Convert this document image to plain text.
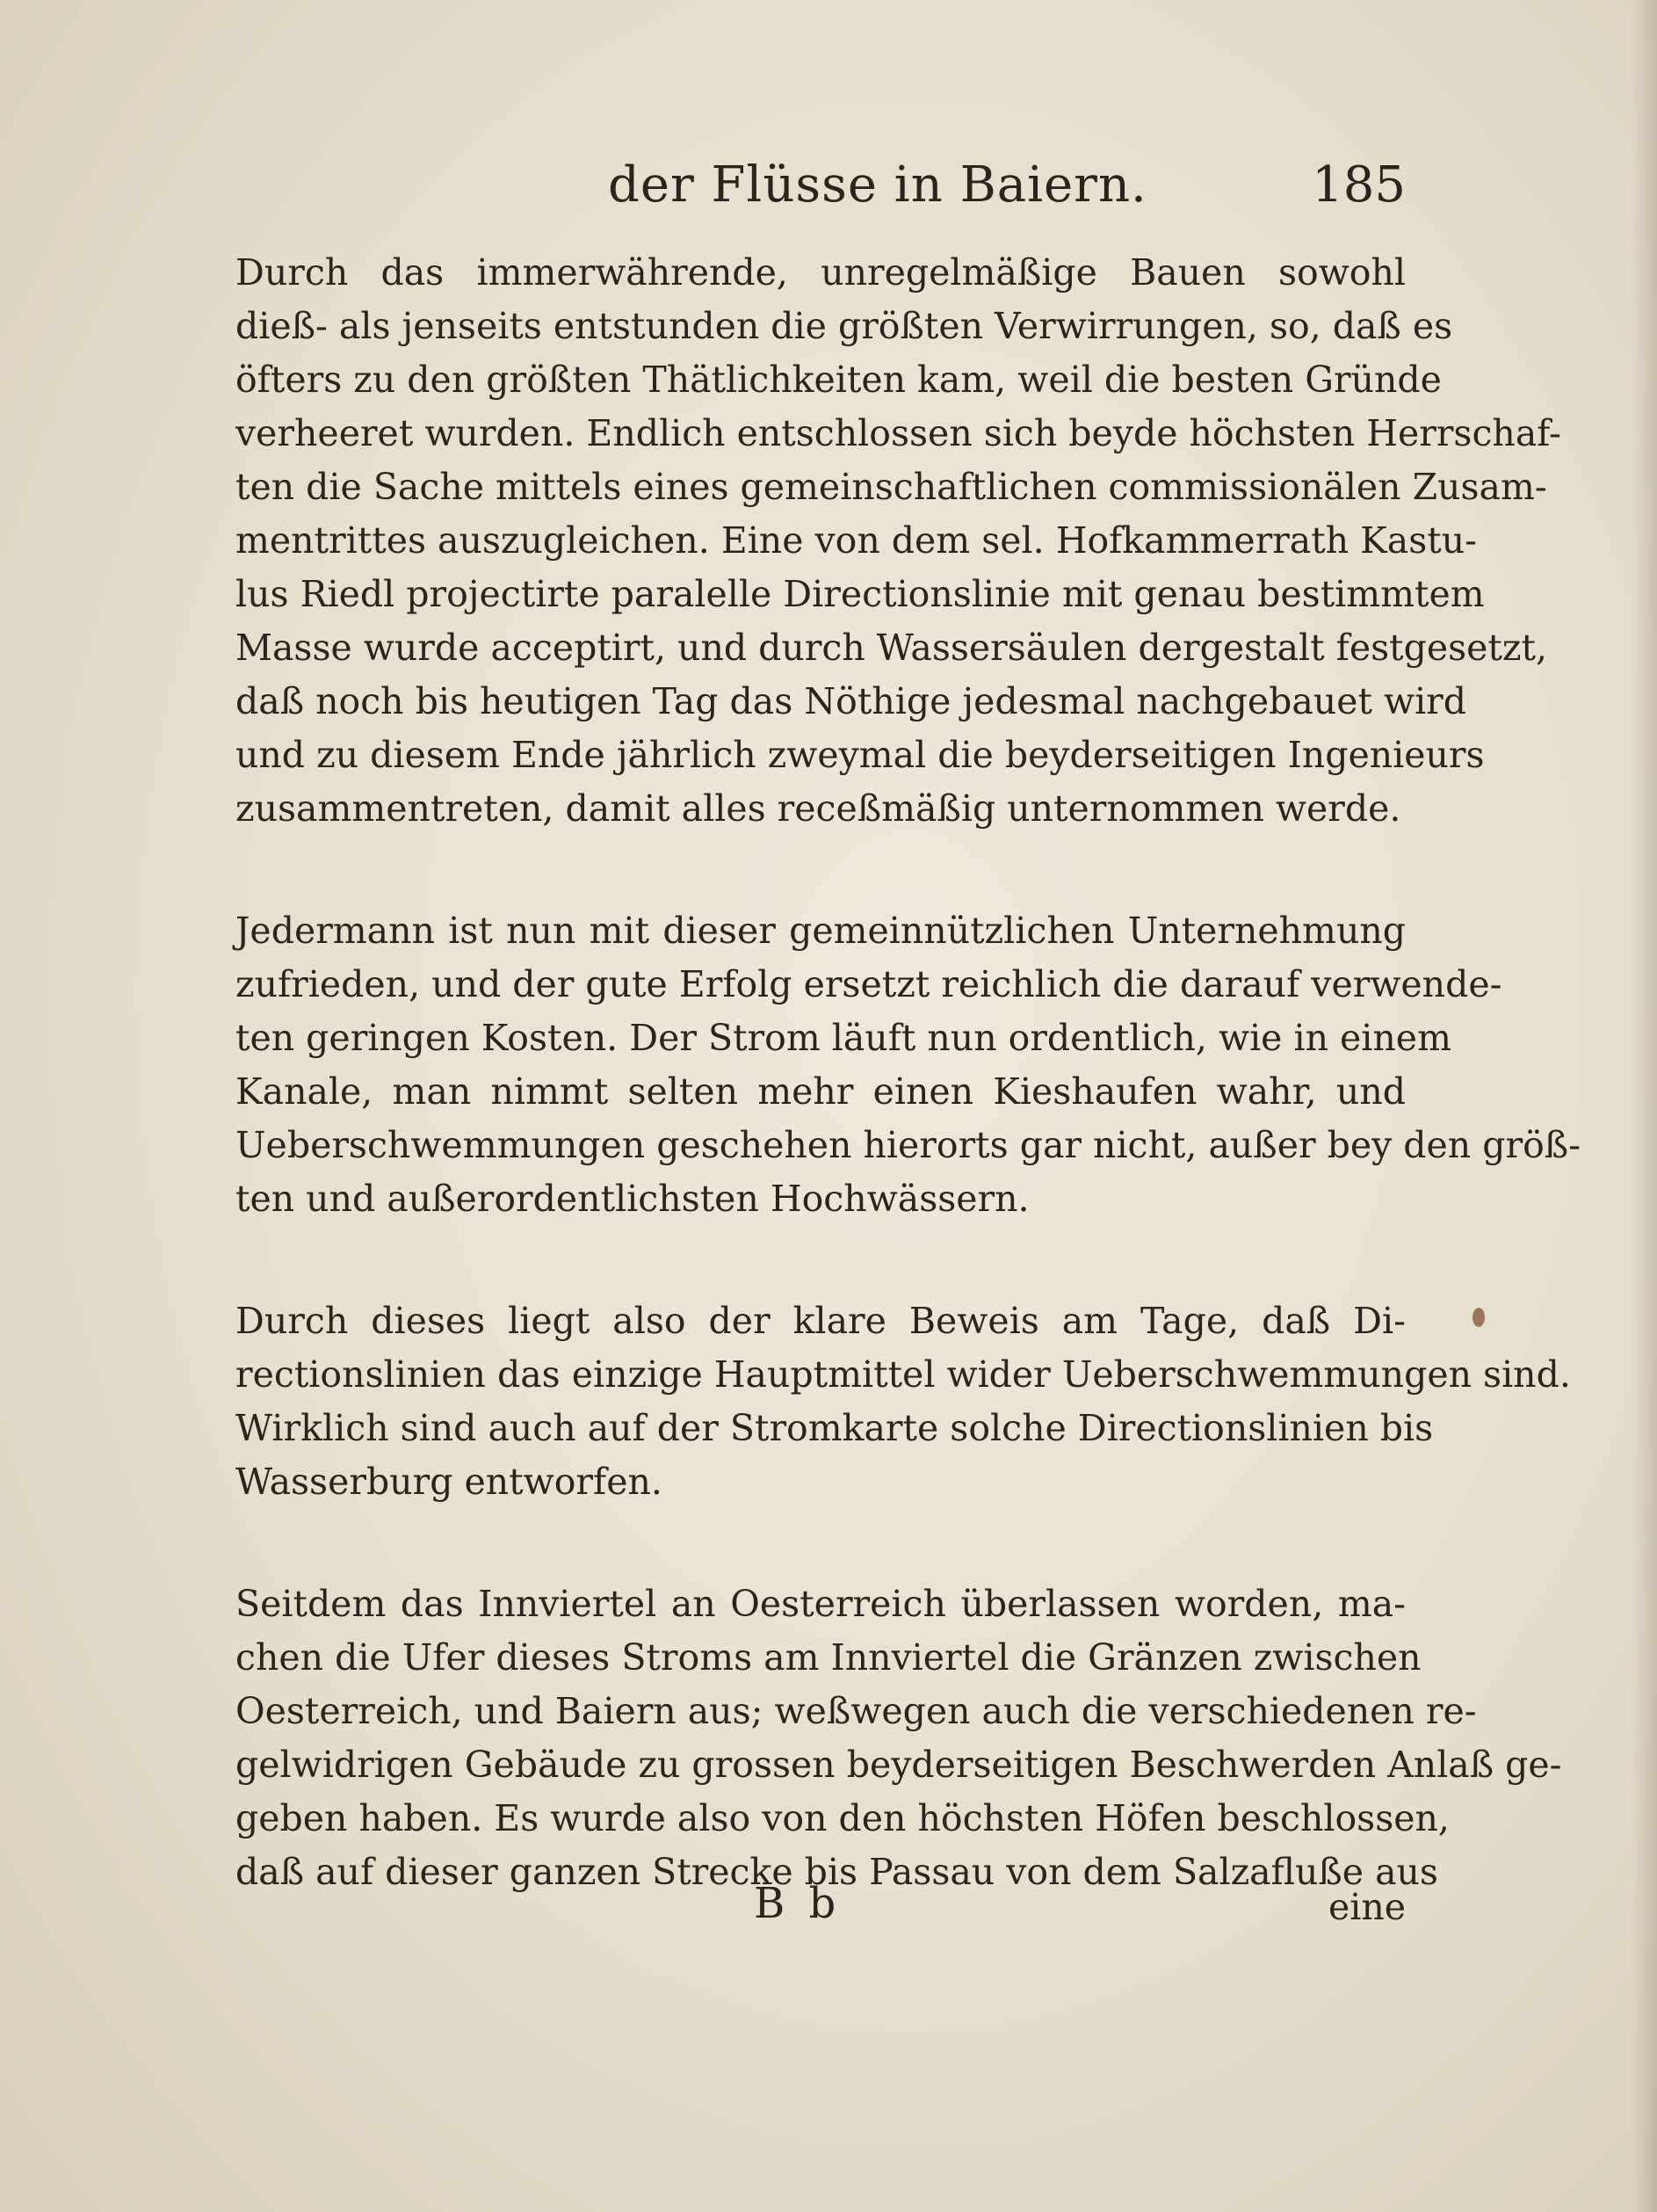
der Flüsse in Baiern.	185
Durch das immerwährende, unregelmäßige Bauen sowohl
dieß- als jenseits entstunden die größten Verwirrungen, so, daß es
öfters zu den größten Thätlichkeiten kam, weil die besten Gründe
verheeret wurden. Endlich entschlossen sich beyde höchsten Herrschaf-
ten die Sache mittels eines gemeinschaftlichen commissionälen Zusam-
mentrittes auszugleichen. Eine von dem sel. Hofkammerrath Kastu-
lus Riedl projectirte paralelle Directionslinie mit genau bestimmtem
Masse wurde acceptirt, und durch Wassersäulen dergestalt festgesetzt,
daß noch bis heutigen Tag das Nöthige jedesmal nachgebauet wird
und zu diesem Ende jährlich zweymal die beyderseitigen Ingenieurs
zusammentreten, damit alles receßmäßig unternommen werde.
Jedermann ist nun mit dieser gemeinnützlichen Unternehmung
zufrieden, und der gute Erfolg ersetzt reichlich die darauf verwende-
ten geringen Kosten. Der Strom läuft nun ordentlich, wie in einem
Kanale, man nimmt selten mehr einen Kieshaufen wahr, und
Ueberschwemmungen geschehen hierorts gar nicht, außer bey den größ-
ten und außerordentlichsten Hochwässern.
Durch dieses liegt also der klare Beweis am Tage, daß Di-
rectionslinien das einzige Hauptmittel wider Ueberschwemmungen sind.
Wirklich sind auch auf der Stromkarte solche Directionslinien bis
Wasserburg entworfen.
Seitdem das Innviertel an Oesterreich überlassen worden, ma-
chen die Ufer dieses Stroms am Innviertel die Gränzen zwischen
Oesterreich, und Baiern aus; weßwegen auch die verschiedenen re-
gelwidrigen Gebäude zu grossen beyderseitigen Beschwerden Anlaß ge-
geben haben. Es wurde also von den höchsten Höfen beschlossen,
daß auf dieser ganzen Strecke bis Passau von dem Salzafluße aus
B b	eine
